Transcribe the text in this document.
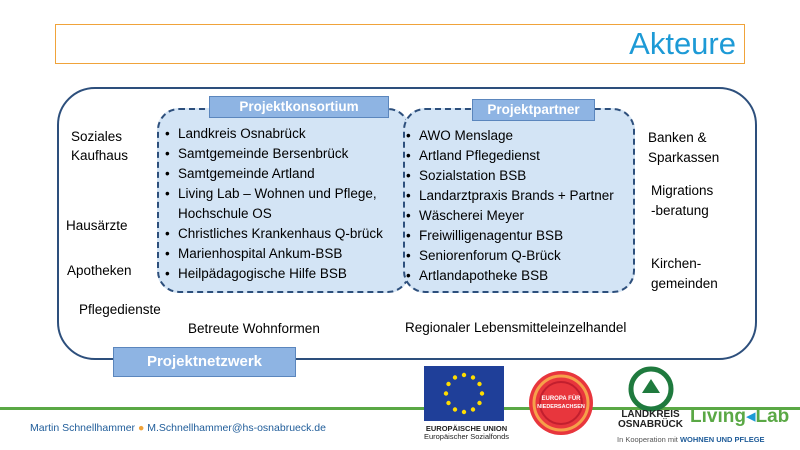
Akteure
Projektkonsortium	Projektpartner
• Landkreis Osnabrück
• Samtgemeinde Bersenbrück
• Samtgemeinde Artland
• Living Lab – Wohnen und Pflege,
Hochschule OS
• Christliches Krankenhaus Q-brück
• Marienhospital Ankum-BSB
• Heilpädagogische Hilfe BSB
• AWO Menslage
• Artland Pflegedienst
• Sozialstation BSB
• Landarztpraxis Brands + Partner
• Wäscherei Meyer
• Freiwilligenagentur BSB
• Seniorenforum Q-Brück
• Artlandapotheke BSB
Soziales
Kaufhaus
Hausärzte
Apotheken
Pflegedienste
Betreute Wohnformen	Regionaler Lebensmitteleinzelhandel
Banken &
Sparkassen
Migrations
-beratung
Kirchen-
gemeinden
Projektnetzwerk
Martin Schnellhammer ● M.Schnellhammer@hs-osnabrueck.de	EUROPÄISCHE UNION
Europäischer Sozialfonds
EUROPA FÜR
NIEDERSACHSEN
LANDKREIS
OSNABRÜCK Living◂Lab
In Kooperation mit WOHNEN UND PFLEGE
